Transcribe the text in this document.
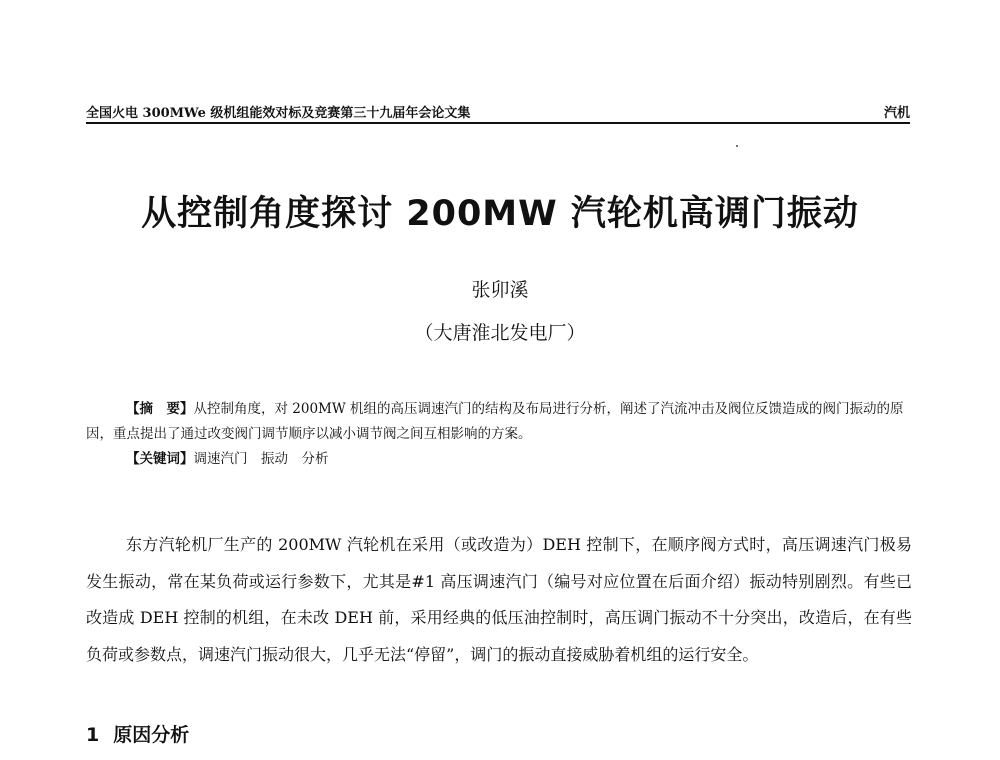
全国火电 300MWe 级机组能效对标及竞赛第三十九届年会论文集	汽机
从控制角度探讨 200MW 汽轮机高调门振动
张卯溪
（大唐淮北发电厂）

【摘　要】从控制角度，对 200MW 机组的高压调速汽门的结构及布局进行分析，阐述了汽流冲击及阀位反馈造成的阀门振动的原因，重点提出了通过改变阀门调节顺序以减小调节阀之间互相影响的方案。

【关键词】调速汽门　振动　分析

东方汽轮机厂生产的 200MW 汽轮机在采用（或改造为）DEH 控制下，在顺序阀方式时，高压调速汽门极易发生振动，常在某负荷或运行参数下，尤其是#1 高压调速汽门（编号对应位置在后面介绍）振动特别剧烈。有些已改造成 DEH 控制的机组，在未改 DEH 前，采用经典的低压油控制时，高压调门振动不十分突出，改造后，在有些负荷或参数点，调速汽门振动很大，几乎无法“停留”，调门的振动直接威胁着机组的运行安全。

1 原因分析
